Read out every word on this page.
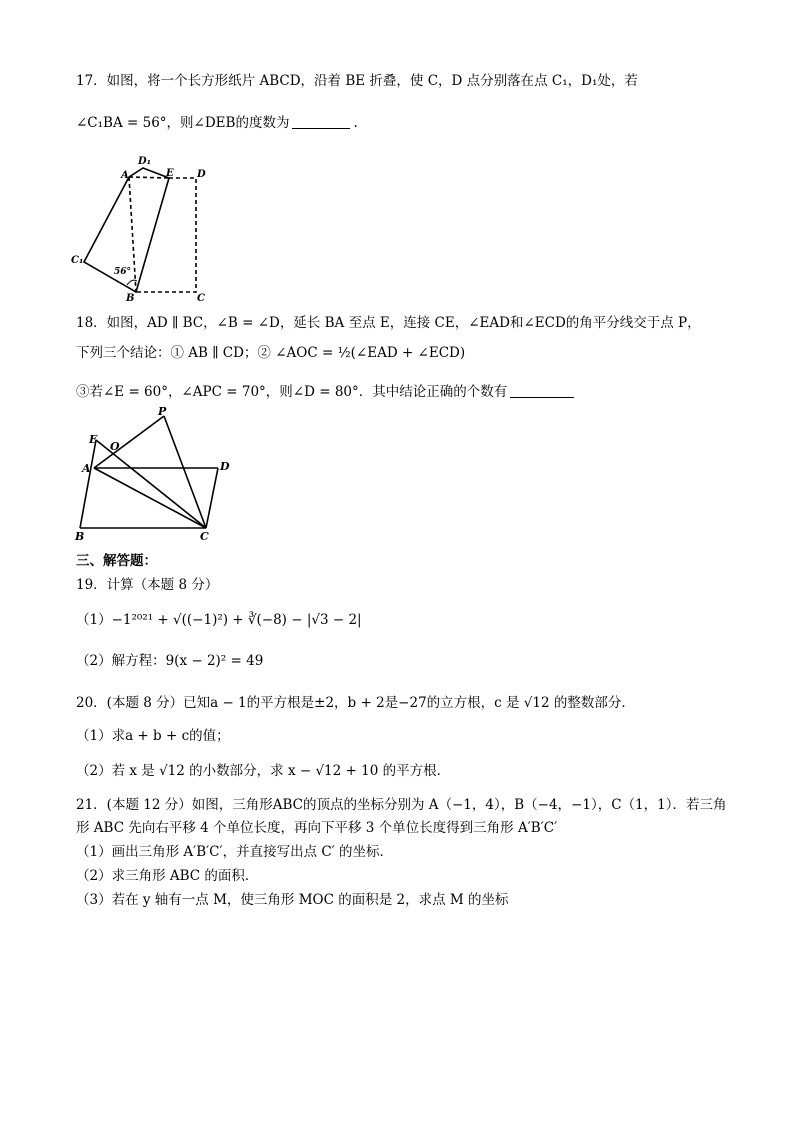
17．如图，将一个长方形纸片 ABCD，沿着 BE 折叠，使 C，D 点分别落在点 C₁，D₁处，若
∠C₁BA = 56°，则∠DEB的度数为	.
D₁
A	E D
C₁
56°
B	C
18．如图，AD ∥ BC，∠B = ∠D，延长 BA 至点 E，连接 CE，∠EAD和∠ECD的角平分线交于点 P，
下列三个结论：① AB ∥ CD；② ∠AOC = ½(∠EAD + ∠ECD)
③若∠E = 60°，∠APC = 70°，则∠D = 80°．其中结论正确的个数有
P
E
O
A	D
B	C
三、解答题：
19．计算（本题 8 分）
（1）−1²⁰²¹ + √((−1)²) + ∛(−8) − |√3 − 2|
（2）解方程：9(x − 2)² = 49
20．(本题 8 分）已知a − 1的平方根是±2，b + 2是−27的立方根，c 是 √12 的整数部分．
（1）求a + b + c的值；
（2）若 x 是 √12 的小数部分，求 x − √12 + 10 的平方根．
21．(本题 12 分）如图，三角形ABC的顶点的坐标分别为 A（−1，4），B（−4，−1），C（1，1）．若三角
形 ABC 先向右平移 4 个单位长度，再向下平移 3 个单位长度得到三角形 A′B′C′
（1）画出三角形 A′B′C′，并直接写出点 C′ 的坐标．
（2）求三角形 ABC 的面积．
（3）若在 y 轴有一点 M，使三角形 MOC 的面积是 2，求点 M 的坐标
